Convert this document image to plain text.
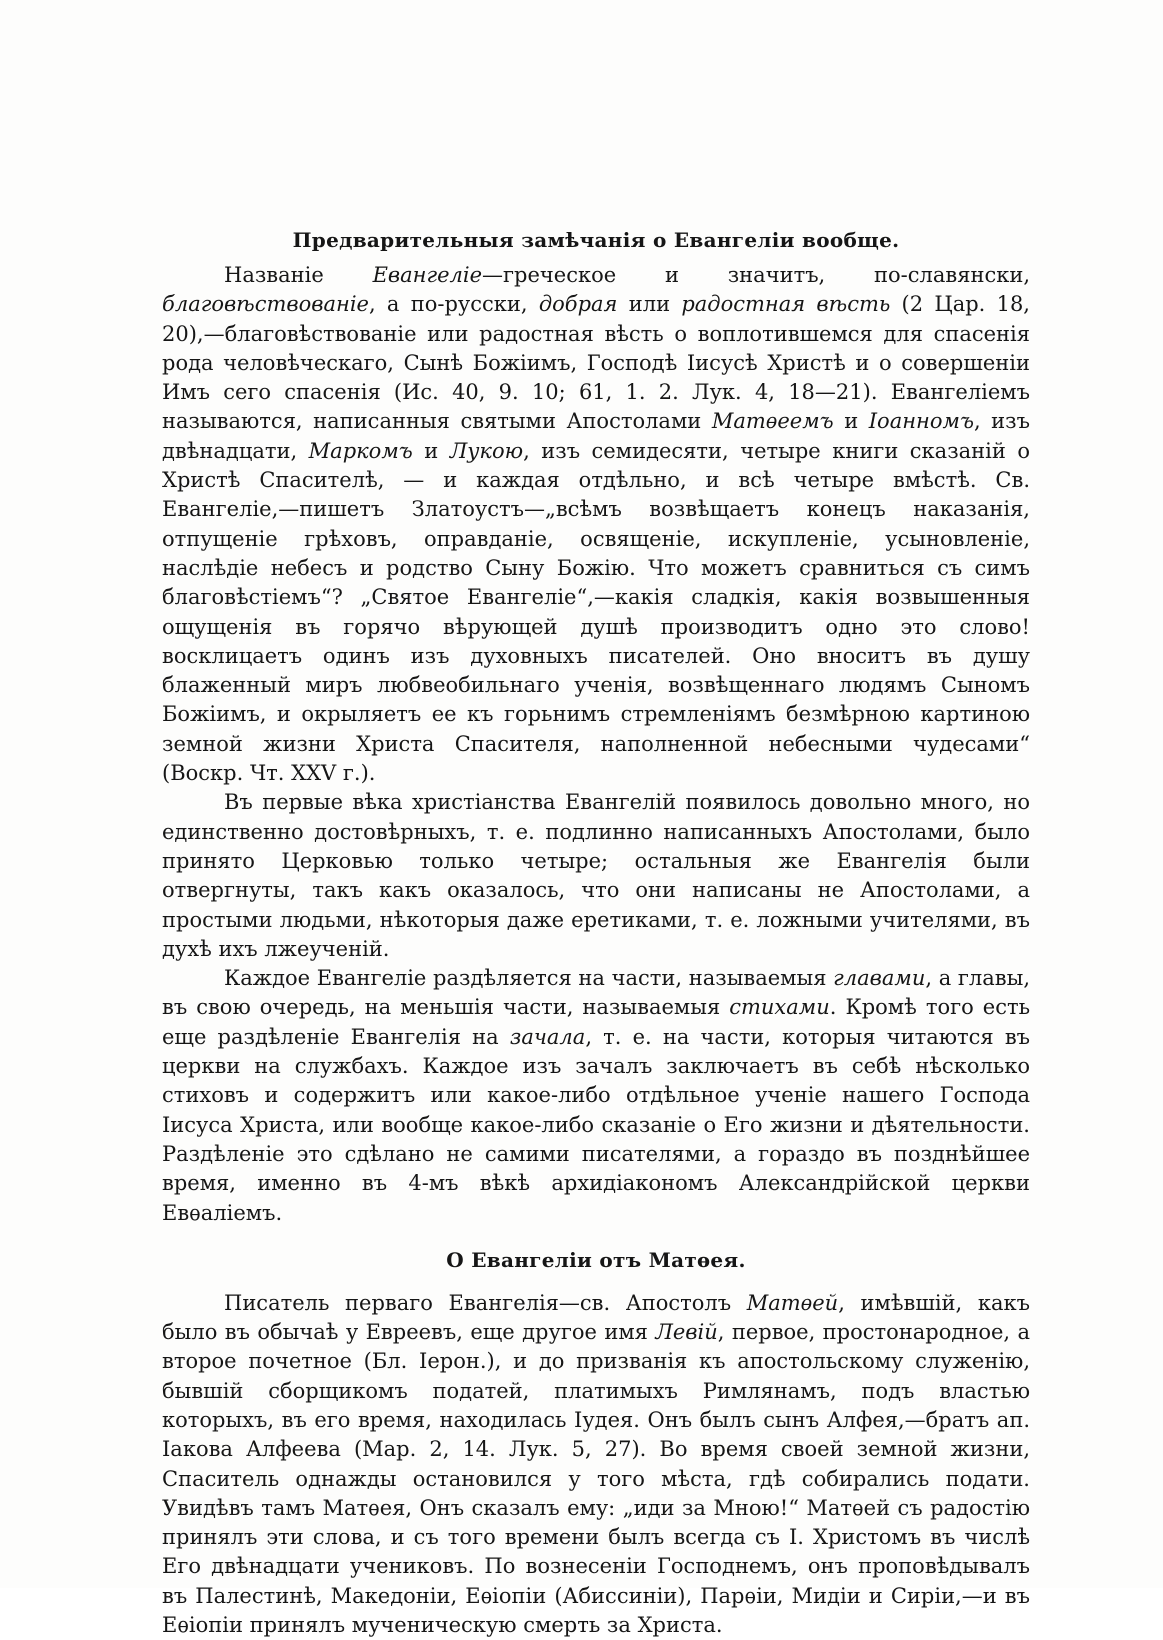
Предварительныя замѣчанія о Евангеліи вообще.

Названіе Евангеліе—греческое и значитъ, по-славянски, благовѣствованіе, а по-русски, добрая или радостная вѣсть (2 Цар. 18, 20),—благовѣствованіе или радостная вѣсть о воплотившемся для спасенія рода человѣческаго, Сынѣ Божіимъ, Господѣ Іисусѣ Христѣ и о совершеніи Имъ сего спасенія (Ис. 40, 9. 10; 61, 1. 2. Лук. 4, 18—21). Евангеліемъ называются, написанныя святыми Апостолами Матѳеемъ и Іоанномъ, изъ двѣнадцати, Маркомъ и Лукою, изъ семидесяти, четыре книги сказаній о Христѣ Спасителѣ, — и каждая отдѣльно, и всѣ четыре вмѣстѣ. Св. Евангеліе,—пишетъ Златоустъ—„всѣмъ возвѣщаетъ конецъ наказанія, отпущеніе грѣховъ, оправданіе, освященіе, искупленіе, усыновленіе, наслѣдіе небесъ и родство Сыну Божію. Что можетъ сравниться съ симъ благовѣстіемъ“? „Святое Евангеліе“,—какія сладкія, какія возвышенныя ощущенія въ горячо вѣрующей душѣ производитъ одно это слово! восклицаетъ одинъ изъ духовныхъ писателей. Оно вноситъ въ душу блаженный миръ любвеобильнаго ученія, возвѣщеннаго людямъ Сыномъ Божіимъ, и окрыляетъ ее къ горьнимъ стремленіямъ безмѣрною картиною земной жизни Христа Спасителя, наполненной небесными чудесами“ (Воскр. Чт. XXV г.).

Въ первые вѣка христіанства Евангелій появилось довольно много, но единственно достовѣрныхъ, т. е. подлинно написанныхъ Апостолами, было принято Церковью только четыре; остальныя же Евангелія были отвергнуты, такъ какъ оказалось, что они написаны не Апостолами, а простыми людьми, нѣкоторыя даже еретиками, т. е. ложными учителями, въ духѣ ихъ лжеученій.

Каждое Евангеліе раздѣляется на части, называемыя главами, а главы, въ свою очередь, на меньшія части, называемыя стихами. Кромѣ того есть еще раздѣленіе Евангелія на зачала, т. е. на части, которыя читаются въ церкви на службахъ. Каждое изъ зачалъ заключаетъ въ себѣ нѣсколько стиховъ и содержитъ или какое-либо отдѣльное ученіе нашего Господа Іисуса Христа, или вообще какое-либо сказаніе о Его жизни и дѣятельности. Раздѣленіе это сдѣлано не самими писателями, а гораздо въ позднѣйшее время, именно въ 4-мъ вѣкѣ архидіакономъ Александрійской церкви Евѳаліемъ.

О Евангеліи отъ Матѳея.

Писатель перваго Евангелія—св. Апостолъ Матѳей, имѣвшій, какъ было въ обычаѣ у Евреевъ, еще другое имя Левій, первое, простонародное, а второе почетное (Бл. Іерон.), и до призванія къ апостольскому служенію, бывшій сборщикомъ податей, платимыхъ Римлянамъ, подъ властью которыхъ, въ его время, находилась Іудея. Онъ былъ сынъ Алфея,—братъ ап. Іакова Алфеева (Мар. 2, 14. Лук. 5, 27). Во время своей земной жизни, Спаситель однажды остановился у того мѣста, гдѣ собирались подати. Увидѣвъ тамъ Матѳея, Онъ сказалъ ему: „иди за Мною!“ Матѳей съ радостію принялъ эти слова, и съ того времени былъ всегда съ І. Христомъ въ числѣ Его двѣнадцати учениковъ. По вознесеніи Господнемъ, онъ проповѣдывалъ въ Палестинѣ, Македоніи, Еѳіопіи (Абиссиніи), Парѳіи, Мидіи и Сиріи,—и въ Еѳіопіи принялъ мученическую смерть за Христа.
